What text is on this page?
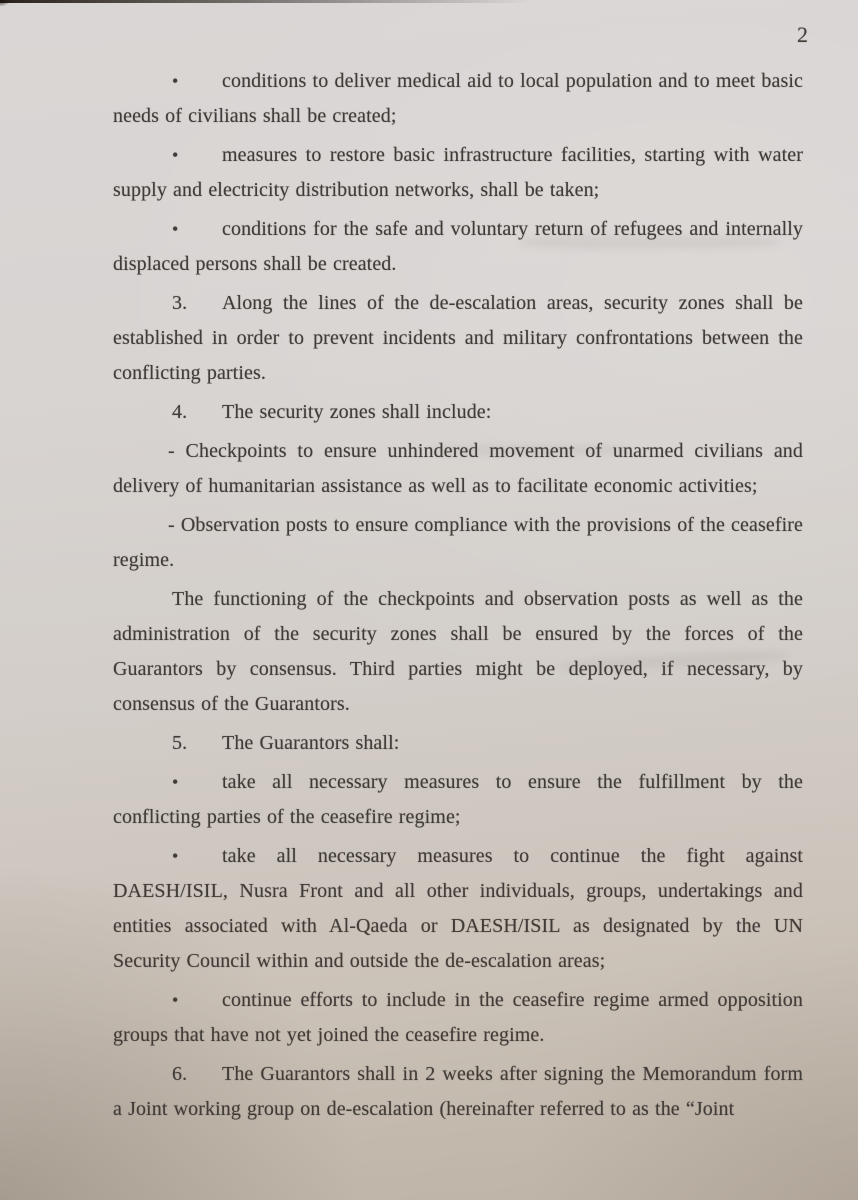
2

• conditions to deliver medical aid to local population and to meet basic needs of civilians shall be created;

• measures to restore basic infrastructure facilities, starting with water supply and electricity distribution networks, shall be taken;

• conditions for the safe and voluntary return of refugees and internally displaced persons shall be created.

3. Along the lines of the de-escalation areas, security zones shall be established in order to prevent incidents and military confrontations between the conflicting parties.

4. The security zones shall include:

- Checkpoints to ensure unhindered movement of unarmed civilians and delivery of humanitarian assistance as well as to facilitate economic activities;

- Observation posts to ensure compliance with the provisions of the ceasefire regime.

The functioning of the checkpoints and observation posts as well as the administration of the security zones shall be ensured by the forces of the Guarantors by consensus. Third parties might be deployed, if necessary, by consensus of the Guarantors.

5. The Guarantors shall:

• take all necessary measures to ensure the fulfillment by the conflicting parties of the ceasefire regime;

• take all necessary measures to continue the fight against DAESH/ISIL, Nusra Front and all other individuals, groups, undertakings and entities associated with Al-Qaeda or DAESH/ISIL as designated by the UN Security Council within and outside the de-escalation areas;

• continue efforts to include in the ceasefire regime armed opposition groups that have not yet joined the ceasefire regime.

6. The Guarantors shall in 2 weeks after signing the Memorandum form a Joint working group on de-escalation (hereinafter referred to as the “Joint
